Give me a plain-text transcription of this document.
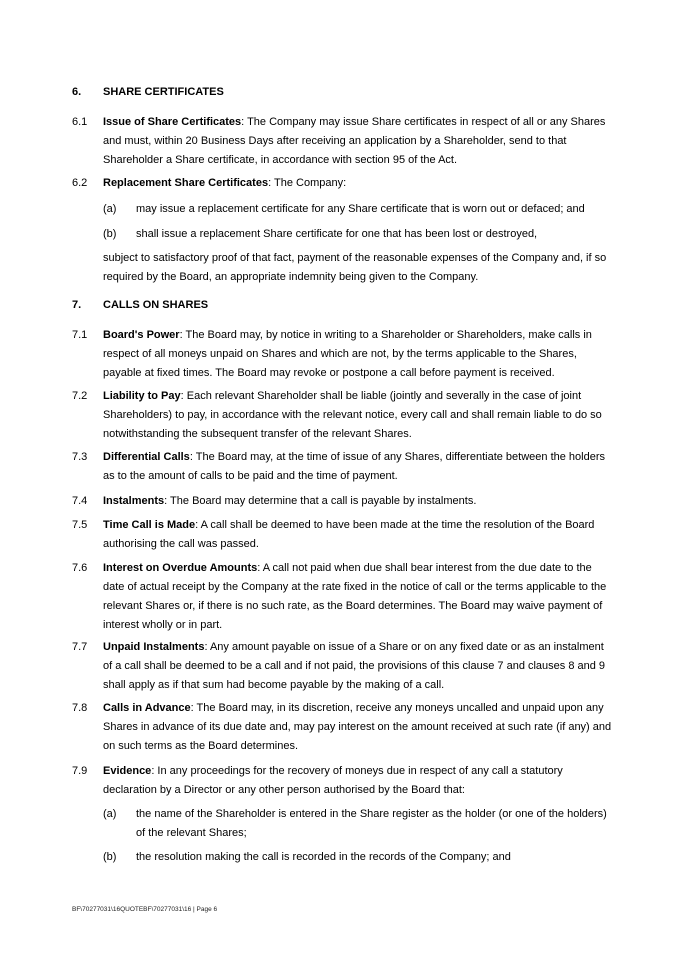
6. SHARE CERTIFICATES
6.1 Issue of Share Certificates: The Company may issue Share certificates in respect of all or any Shares and must, within 20 Business Days after receiving an application by a Shareholder, send to that Shareholder a Share certificate, in accordance with section 95 of the Act.
6.2 Replacement Share Certificates: The Company:
(a) may issue a replacement certificate for any Share certificate that is worn out or defaced; and
(b) shall issue a replacement Share certificate for one that has been lost or destroyed,
subject to satisfactory proof of that fact, payment of the reasonable expenses of the Company and, if so required by the Board, an appropriate indemnity being given to the Company.
7. CALLS ON SHARES
7.1 Board's Power: The Board may, by notice in writing to a Shareholder or Shareholders, make calls in respect of all moneys unpaid on Shares and which are not, by the terms applicable to the Shares, payable at fixed times. The Board may revoke or postpone a call before payment is received.
7.2 Liability to Pay: Each relevant Shareholder shall be liable (jointly and severally in the case of joint Shareholders) to pay, in accordance with the relevant notice, every call and shall remain liable to do so notwithstanding the subsequent transfer of the relevant Shares.
7.3 Differential Calls: The Board may, at the time of issue of any Shares, differentiate between the holders as to the amount of calls to be paid and the time of payment.
7.4 Instalments: The Board may determine that a call is payable by instalments.
7.5 Time Call is Made: A call shall be deemed to have been made at the time the resolution of the Board authorising the call was passed.
7.6 Interest on Overdue Amounts: A call not paid when due shall bear interest from the due date to the date of actual receipt by the Company at the rate fixed in the notice of call or the terms applicable to the relevant Shares or, if there is no such rate, as the Board determines. The Board may waive payment of interest wholly or in part.
7.7 Unpaid Instalments: Any amount payable on issue of a Share or on any fixed date or as an instalment of a call shall be deemed to be a call and if not paid, the provisions of this clause 7 and clauses 8 and 9 shall apply as if that sum had become payable by the making of a call.
7.8 Calls in Advance: The Board may, in its discretion, receive any moneys uncalled and unpaid upon any Shares in advance of its due date and, may pay interest on the amount received at such rate (if any) and on such terms as the Board determines.
7.9 Evidence: In any proceedings for the recovery of moneys due in respect of any call a statutory declaration by a Director or any other person authorised by the Board that:
(a) the name of the Shareholder is entered in the Share register as the holder (or one of the holders) of the relevant Shares;
(b) the resolution making the call is recorded in the records of the Company; and
BF\70277031\16QUOTEBF\70277031\16 | Page 6
